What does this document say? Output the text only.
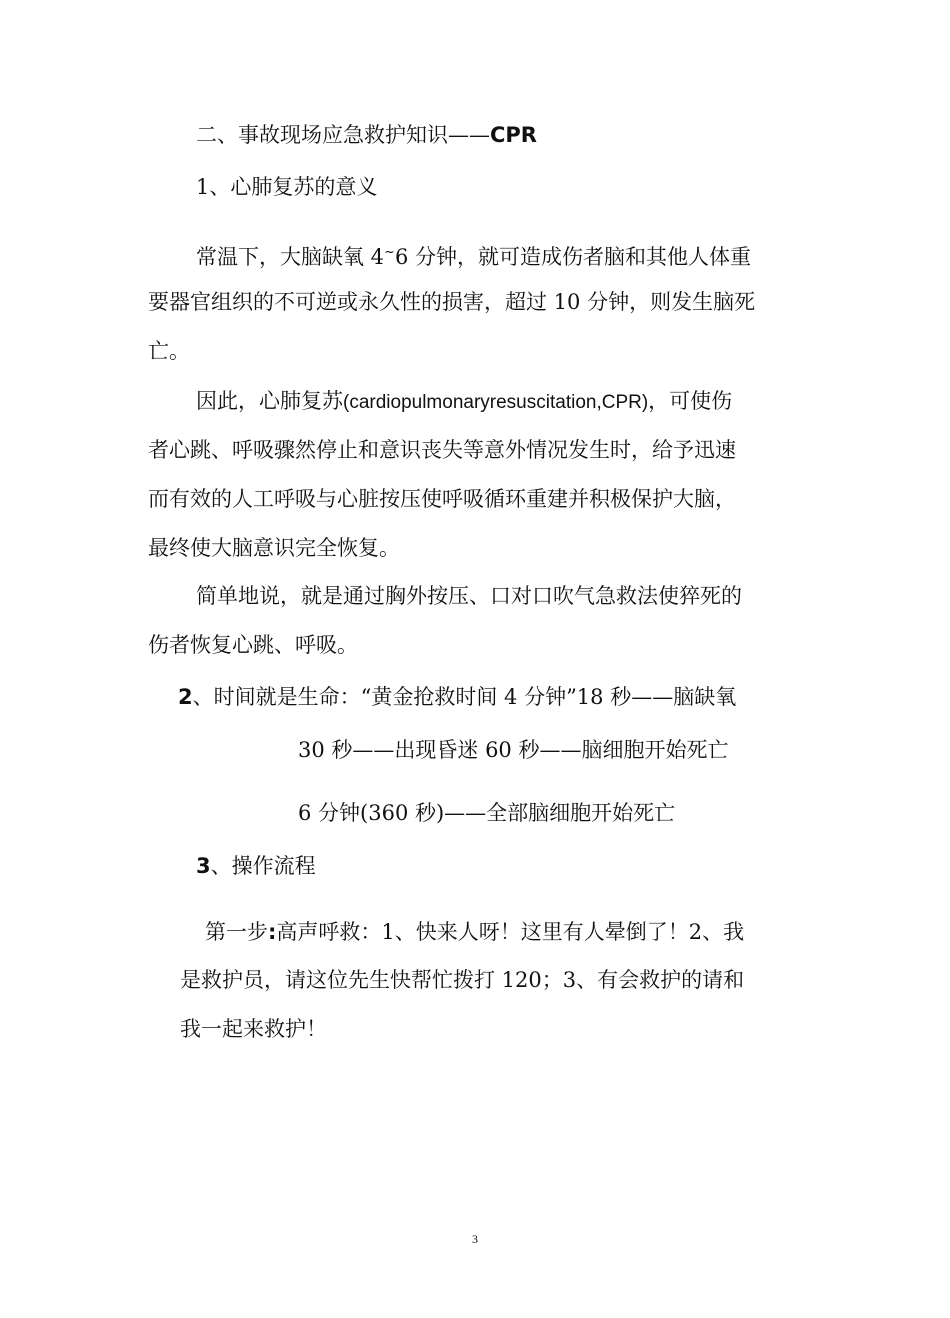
二、事故现场应急救护知识——CPR
1、心肺复苏的意义
常温下，大脑缺氧 4~6 分钟，就可造成伤者脑和其他人体重
要器官组织的不可逆或永久性的损害，超过 10 分钟，则发生脑死
亡。
因此，心肺复苏(cardiopulmonaryresuscitation,CPR)，可使伤
者心跳、呼吸骤然停止和意识丧失等意外情况发生时，给予迅速
而有效的人工呼吸与心脏按压使呼吸循环重建并积极保护大脑，
最终使大脑意识完全恢复。
简单地说，就是通过胸外按压、口对口吹气急救法使猝死的
伤者恢复心跳、呼吸。
2、时间就是生命：“黄金抢救时间 4 分钟”18 秒——脑缺氧
30 秒——出现昏迷 60 秒——脑细胞开始死亡
6 分钟(360 秒)——全部脑细胞开始死亡
3、操作流程
第一步:高声呼救：1、快来人呀！这里有人晕倒了！2、我
是救护员，请这位先生快帮忙拨打 120；3、有会救护的请和
我一起来救护！
3
